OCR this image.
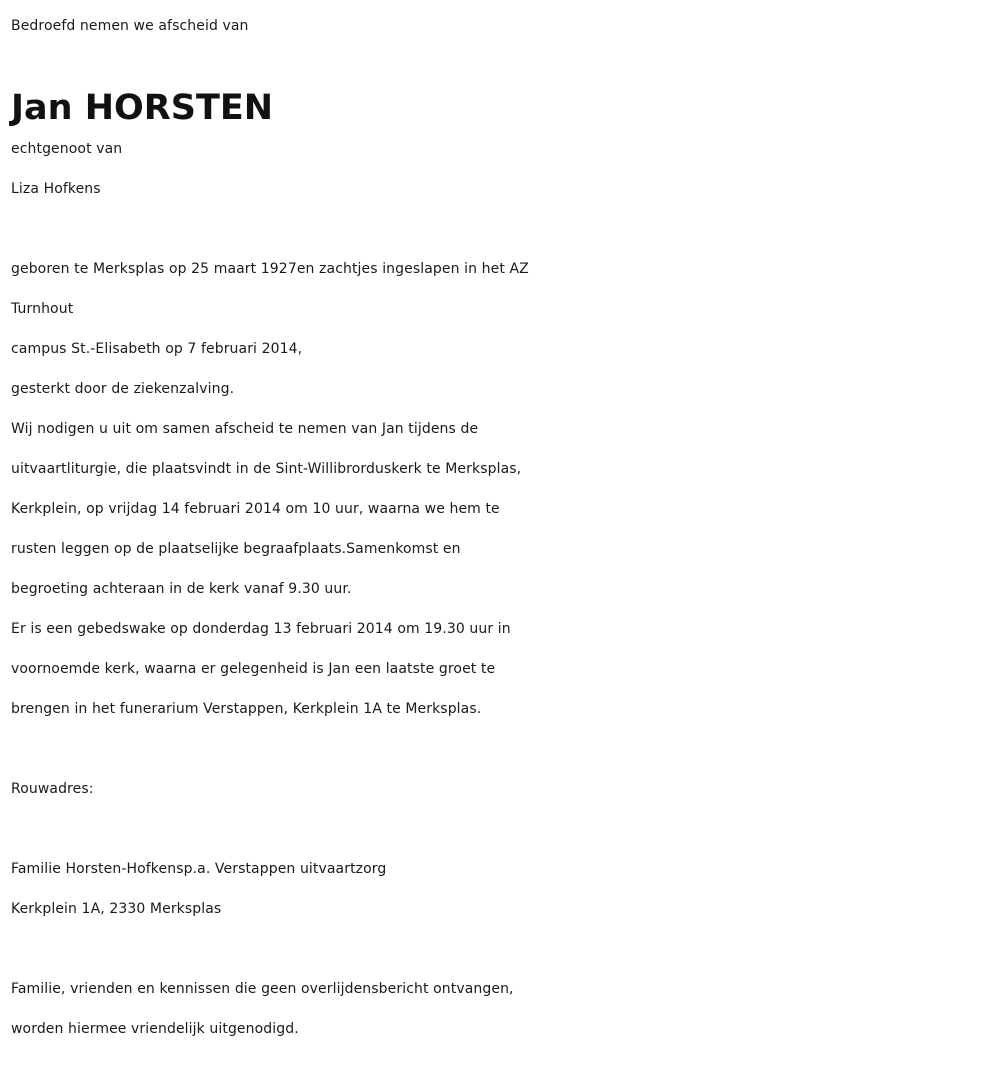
Bedroefd nemen we afscheid van
Jan HORSTEN
echtgenoot van
Liza Hofkens
geboren te Merksplas op 25 maart 1927en zachtjes ingeslapen in het AZ
Turnhout
campus St.-Elisabeth op 7 februari 2014,
gesterkt door de ziekenzalving.
Wij nodigen u uit om samen afscheid te nemen van Jan tijdens de
uitvaartliturgie, die plaatsvindt in de Sint-Willibrorduskerk te Merksplas,
Kerkplein, op vrijdag 14 februari 2014 om 10 uur, waarna we hem te
rusten leggen op de plaatselijke begraafplaats.Samenkomst en
begroeting achteraan in de kerk vanaf 9.30 uur.
Er is een gebedswake op donderdag 13 februari 2014 om 19.30 uur in
voornoemde kerk, waarna er gelegenheid is Jan een laatste groet te
brengen in het funerarium Verstappen, Kerkplein 1A te Merksplas.
Rouwadres:
Familie Horsten-Hofkensp.a. Verstappen uitvaartzorg
Kerkplein 1A, 2330 Merksplas
Familie, vrienden en kennissen die geen overlijdensbericht ontvangen,
worden hiermee vriendelijk uitgenodigd.
